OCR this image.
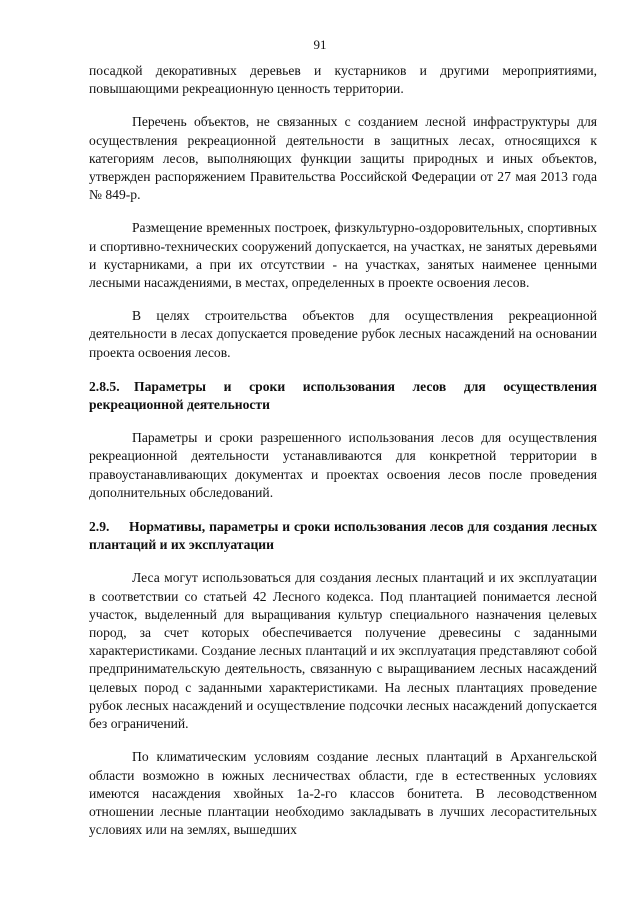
91

посадкой декоративных деревьев и кустарников и другими мероприятиями, повышающими рекреационную ценность территории.

Перечень объектов, не связанных с созданием лесной инфраструктуры для осуществления рекреационной деятельности в защитных лесах, относящихся к категориям лесов, выполняющих функции защиты природных и иных объектов, утвержден распоряжением Правительства Российской Федерации от 27 мая 2013 года № 849-р.

Размещение временных построек, физкультурно-оздоровительных, спортивных и спортивно-технических сооружений допускается, на участках, не занятых деревьями и кустарниками, а при их отсутствии - на участках, занятых наименее ценными лесными насаждениями, в местах, определенных в проекте освоения лесов.

В целях строительства объектов для осуществления рекреационной деятельности в лесах допускается проведение рубок лесных насаждений на основании проекта освоения лесов.

2.8.5. Параметры и сроки использования лесов для осуществления рекреационной деятельности

Параметры и сроки разрешенного использования лесов для осуществления рекреационной деятельности устанавливаются для конкретной территории в правоустанавливающих документах и проектах освоения лесов после проведения дополнительных обследований.

2.9. Нормативы, параметры и сроки использования лесов для создания лесных плантаций и их эксплуатации

Леса могут использоваться для создания лесных плантаций и их эксплуатации в соответствии со статьей 42 Лесного кодекса. Под плантацией понимается лесной участок, выделенный для выращивания культур специального назначения целевых пород, за счет которых обеспечивается получение древесины с заданными характеристиками. Создание лесных плантаций и их эксплуатация представляют собой предпринимательскую деятельность, связанную с выращиванием лесных насаждений целевых пород с заданными характеристиками. На лесных плантациях проведение рубок лесных насаждений и осуществление подсочки лесных насаждений допускается без ограничений.

По климатическим условиям создание лесных плантаций в Архангельской области возможно в южных лесничествах области, где в естественных условиях имеются насаждения хвойных 1а-2-го классов бонитета. В лесоводственном отношении лесные плантации необходимо закладывать в лучших лесорастительных условиях или на землях, вышедших
